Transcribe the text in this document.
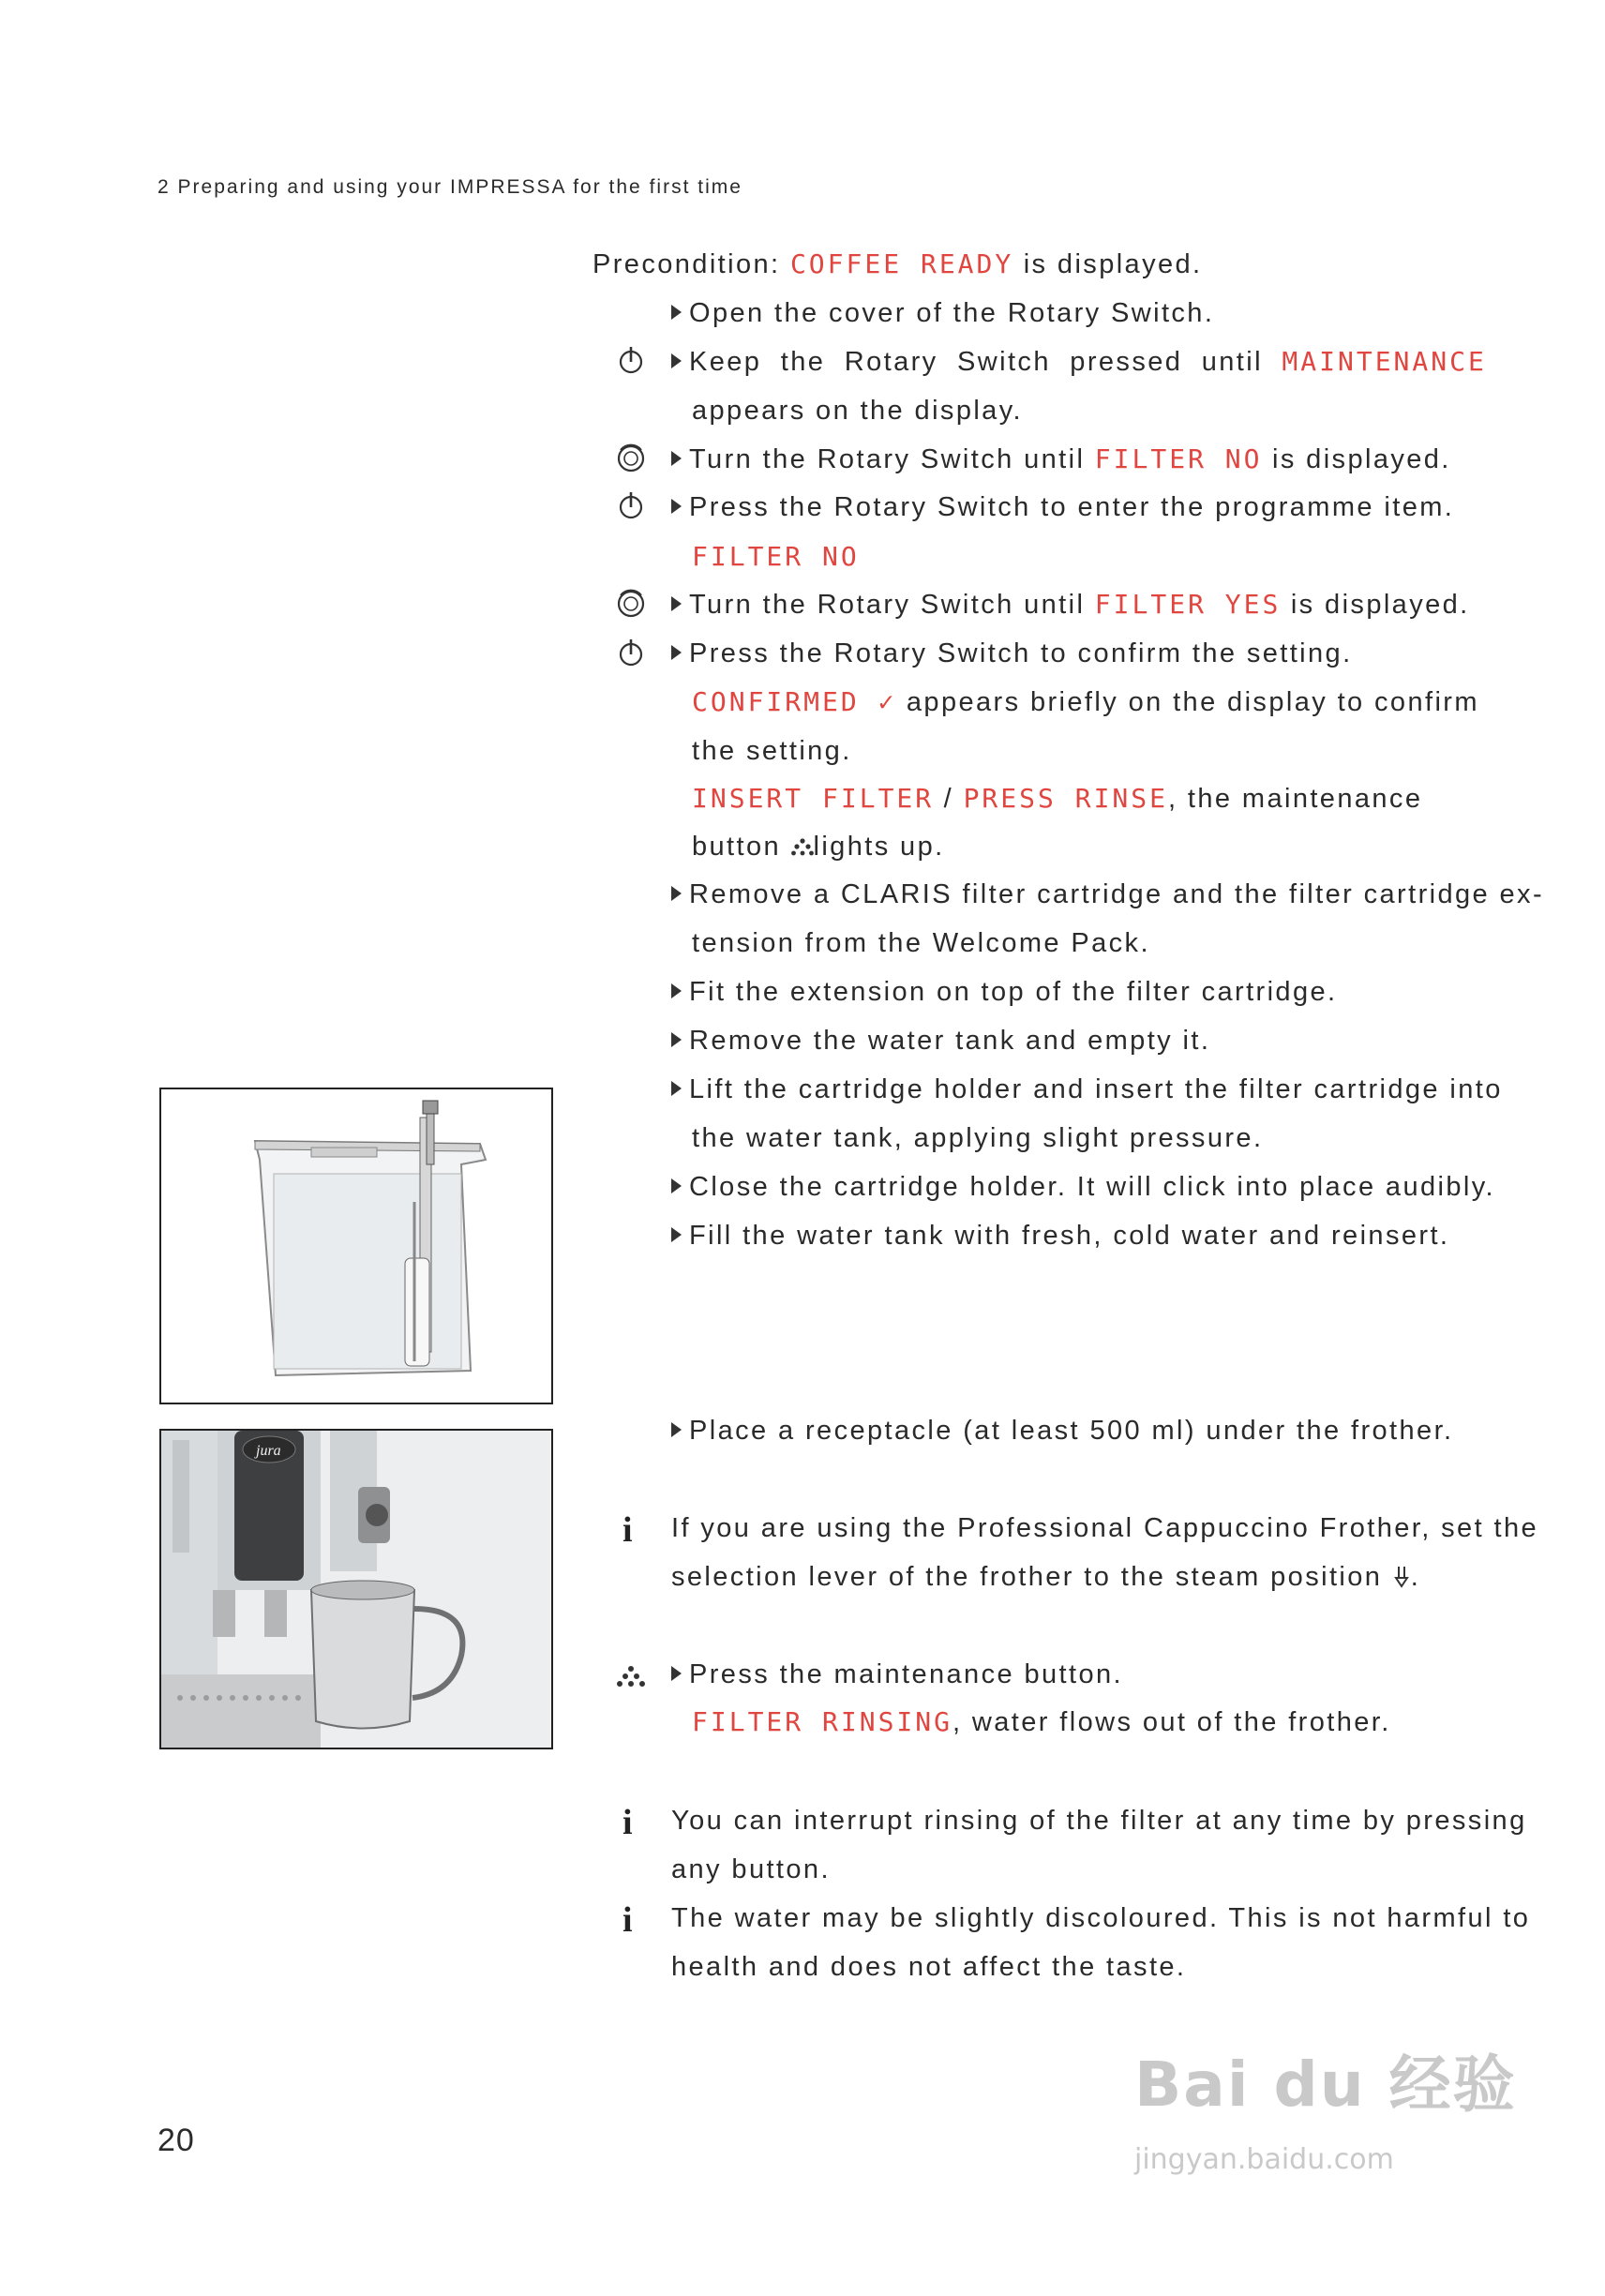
2 Preparing and using your IMPRESSA for the first time
Precondition: COFFEE READY is displayed.
Open the cover of the Rotary Switch.
Keep the Rotary Switch pressed until MAINTENANCE
appears on the display.
Turn the Rotary Switch until FILTER NO is displayed.
Press the Rotary Switch to enter the programme item.
FILTER NO
Turn the Rotary Switch until FILTER YES is displayed.
Press the Rotary Switch to confirm the setting.
CONFIRMED ✓ appears briefly on the display to confirm
the setting.
INSERT FILTER / PRESS RINSE, the maintenance
button lights up.
Remove a CLARIS filter cartridge and the filter cartridge ex-
tension from the Welcome Pack.
Fit the extension on top of the filter cartridge.
Remove the water tank and empty it.
Lift the cartridge holder and insert the filter cartridge into
the water tank, applying slight pressure.
Close the cartridge holder. It will click into place audibly.
Fill the water tank with fresh, cold water and reinsert.
Place a receptacle (at least 500 ml) under the frother.
i If you are using the Professional Cappuccino Frother, set the
selection lever of the frother to the steam position .
Press the maintenance button.
FILTER RINSING, water flows out of the frother.
i You can interrupt rinsing of the filter at any time by pressing
any button.
i The water may be slightly discoloured. This is not harmful to
health and does not affect the taste.
jura
20
Bai du 经验
jingyan.baidu.com
